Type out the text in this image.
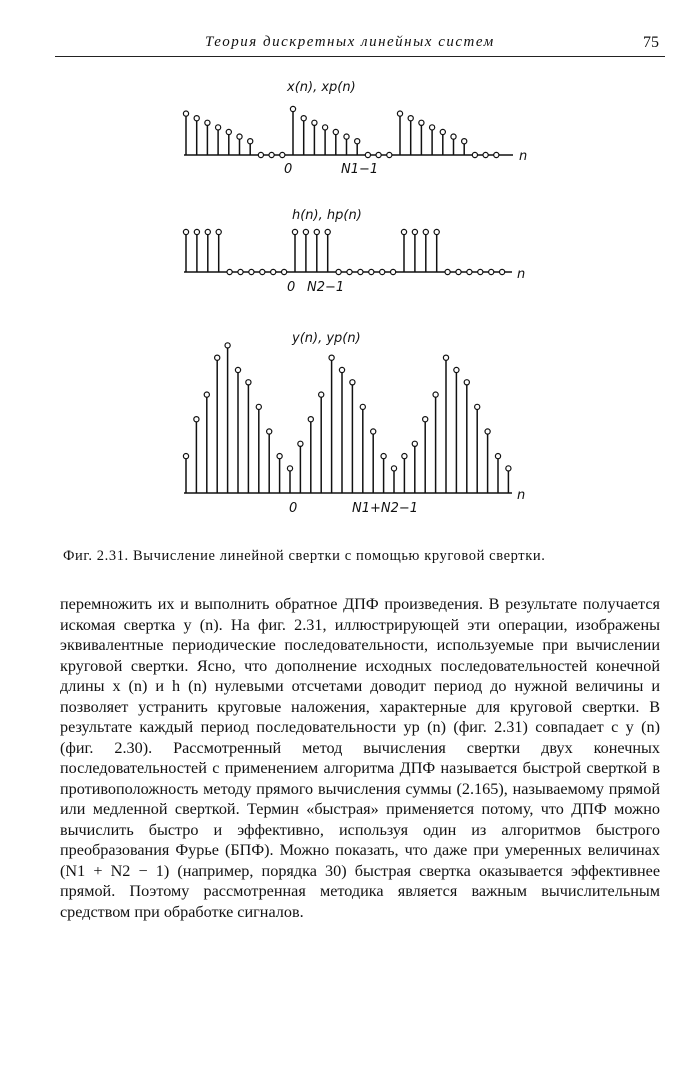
Теория дискретных линейных систем	75
x(n), xp(n)
0	N1−1
n
h(n), hp(n)
0 N2−1
n
y(n), yp(n)
0	N1+N2−1
n
Фиг. 2.31. Вычисление линейной свертки с помощью круговой свертки.
перемножить их и выполнить обратное ДПФ произведения. В результате получается искомая свертка y (n). На фиг. 2.31, иллюстрирующей эти операции, изображены эквивалентные периодические последовательности, используемые при вычислении круговой свертки. Ясно, что дополнение исходных последовательностей конечной длины x (n) и h (n) нулевыми отсчетами доводит период до нужной величины и позволяет устранить круговые наложения, характерные для круговой свертки. В результате каждый период последовательности yp (n) (фиг. 2.31) совпадает с y (n) (фиг. 2.30). Рассмотренный метод вычисления свертки двух конечных последовательностей с применением алгоритма ДПФ называется быстрой сверткой в противоположность методу прямого вычисления суммы (2.165), называемому прямой или медленной сверткой. Термин «быстрая» применяется потому, что ДПФ можно вычислить быстро и эффективно, используя один из алгоритмов быстрого преобразования Фурье (БПФ). Можно показать, что даже при умеренных величинах (N1 + N2 − 1) (например, порядка 30) быстрая свертка оказывается эффективнее прямой. Поэтому рассмотренная методика является важным вычислительным средством при обработке сигналов.
